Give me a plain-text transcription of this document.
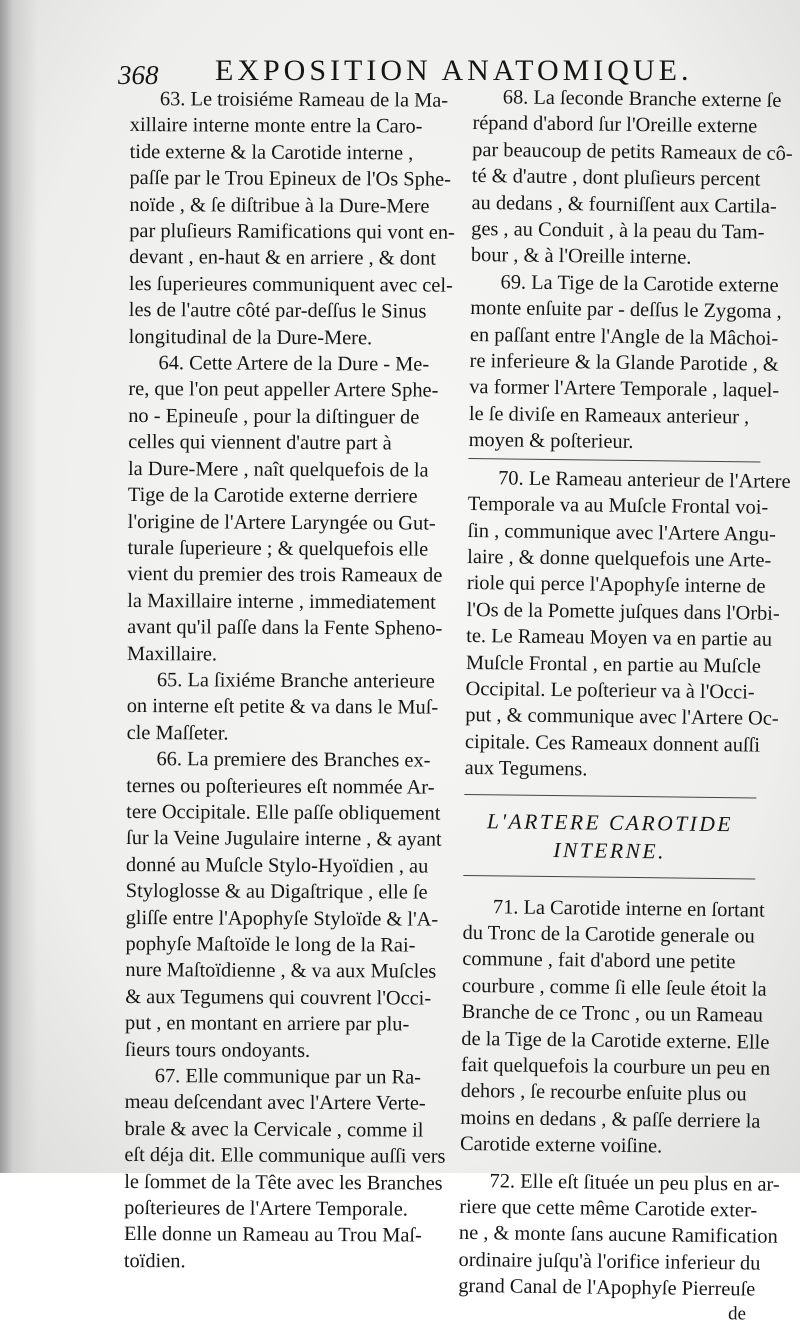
368 EXPOSITION ANATOMIQUE.

63. Le troisiéme Rameau de la Ma-
xillaire interne monte entre la Caro-
tide externe & la Carotide interne ,
paſſe par le Trou Epineux de l'Os Sphe-
noïde , & ſe diſtribue à la Dure-Mere
par pluſieurs Ramifications qui vont en-
devant , en-haut & en arriere , & dont
les ſuperieures communiquent avec cel-
les de l'autre côté par-deſſus le Sinus
longitudinal de la Dure-Mere.

64. Cette Artere de la Dure - Me-
re, que l'on peut appeller Artere Sphe-
no - Epineuſe , pour la diſtinguer de
celles qui viennent d'autre part à
la Dure-Mere , naît quelquefois de la
Tige de la Carotide externe derriere
l'origine de l'Artere Laryngée ou Gut-
turale ſuperieure ; & quelquefois elle
vient du premier des trois Rameaux de
la Maxillaire interne , immediatement
avant qu'il paſſe dans la Fente Spheno-
Maxillaire.

65. La ſixiéme Branche anterieure
on interne eſt petite & va dans le Muſ-
cle Maſſeter.

66. La premiere des Branches ex-
ternes ou poſterieures eſt nommée Ar-
tere Occipitale. Elle paſſe obliquement
ſur la Veine Jugulaire interne , & ayant
donné au Muſcle Stylo-Hyoïdien , au
Styloglosse & au Digaſtrique , elle ſe
gliſſe entre l'Apophyſe Styloïde & l'A-
pophyſe Maſtoïde le long de la Rai-
nure Maſtoïdienne , & va aux Muſcles
& aux Tegumens qui couvrent l'Occi-
put , en montant en arriere par plu-
ſieurs tours ondoyants.

67. Elle communique par un Ra-
meau deſcendant avec l'Artere Verte-
brale & avec la Cervicale , comme il
eſt déja dit. Elle communique auſſi vers
le ſommet de la Tête avec les Branches
poſterieures de l'Artere Temporale.
Elle donne un Rameau au Trou Maſ-
toïdien.

68. La ſeconde Branche externe ſe
répand d'abord ſur l'Oreille externe
par beaucoup de petits Rameaux de cô-
té & d'autre , dont pluſieurs percent
au dedans , & fourniſſent aux Cartila-
ges , au Conduit , à la peau du Tam-
bour , & à l'Oreille interne.

69. La Tige de la Carotide externe
monte enſuite par - deſſus le Zygoma ,
en paſſant entre l'Angle de la Mâchoi-
re inferieure & la Glande Parotide , &
va former l'Artere Temporale , laquel-
le ſe diviſe en Rameaux anterieur ,
moyen & poſterieur.

70. Le Rameau anterieur de l'Artere
Temporale va au Muſcle Frontal voi-
ſin , communique avec l'Artere Angu-
laire , & donne quelquefois une Arte-
riole qui perce l'Apophyſe interne de
l'Os de la Pomette juſques dans l'Orbi-
te. Le Rameau Moyen va en partie au
Muſcle Frontal , en partie au Muſcle
Occipital. Le poſterieur va à l'Occi-
put , & communique avec l'Artere Oc-
cipitale. Ces Rameaux donnent auſſi
aux Tegumens.

L'ARTERE CAROTIDE
INTERNE.

71. La Carotide interne en ſortant
du Tronc de la Carotide generale ou
commune , fait d'abord une petite
courbure , comme ſi elle ſeule étoit la
Branche de ce Tronc , ou un Rameau
de la Tige de la Carotide externe. Elle
fait quelquefois la courbure un peu en
dehors , ſe recourbe enſuite plus ou
moins en dedans , & paſſe derriere la
Carotide externe voiſine.

72. Elle eſt ſituée un peu plus en ar-
riere que cette même Carotide exter-
ne , & monte ſans aucune Ramification
ordinaire juſqu'à l'orifice inferieur du
grand Canal de l'Apophyſe Pierreuſe

de
